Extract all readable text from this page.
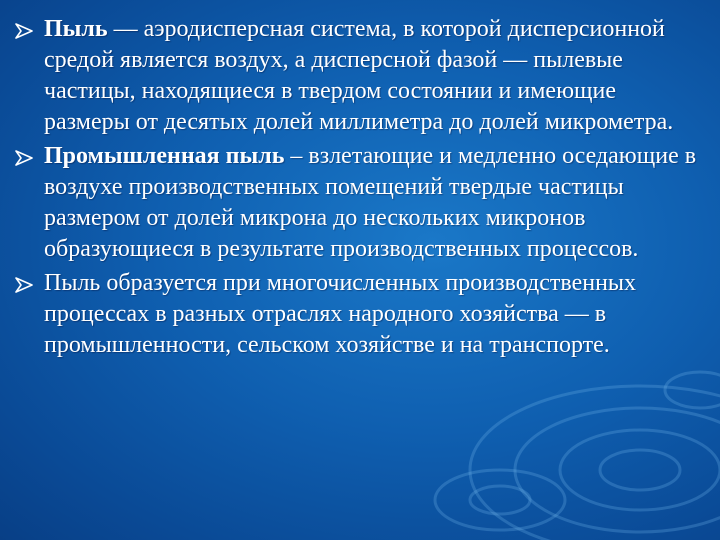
Пыль — аэродисперсная система, в которой дисперсионной средой является воздух, а дисперсной фазой — пылевые частицы, находящиеся в твердом состоянии и имеющие размеры от десятых долей миллиметра до долей микрометра.
Промышленная пыль – взлетающие и медленно оседающие в воздухе производственных помещений твердые частицы размером от долей микрона до нескольких микронов образующиеся в результате производственных процессов.
Пыль образуется при многочисленных производственных процессах в разных отраслях народного хозяйства — в промышленности, сельском хозяйстве и на транспорте.
